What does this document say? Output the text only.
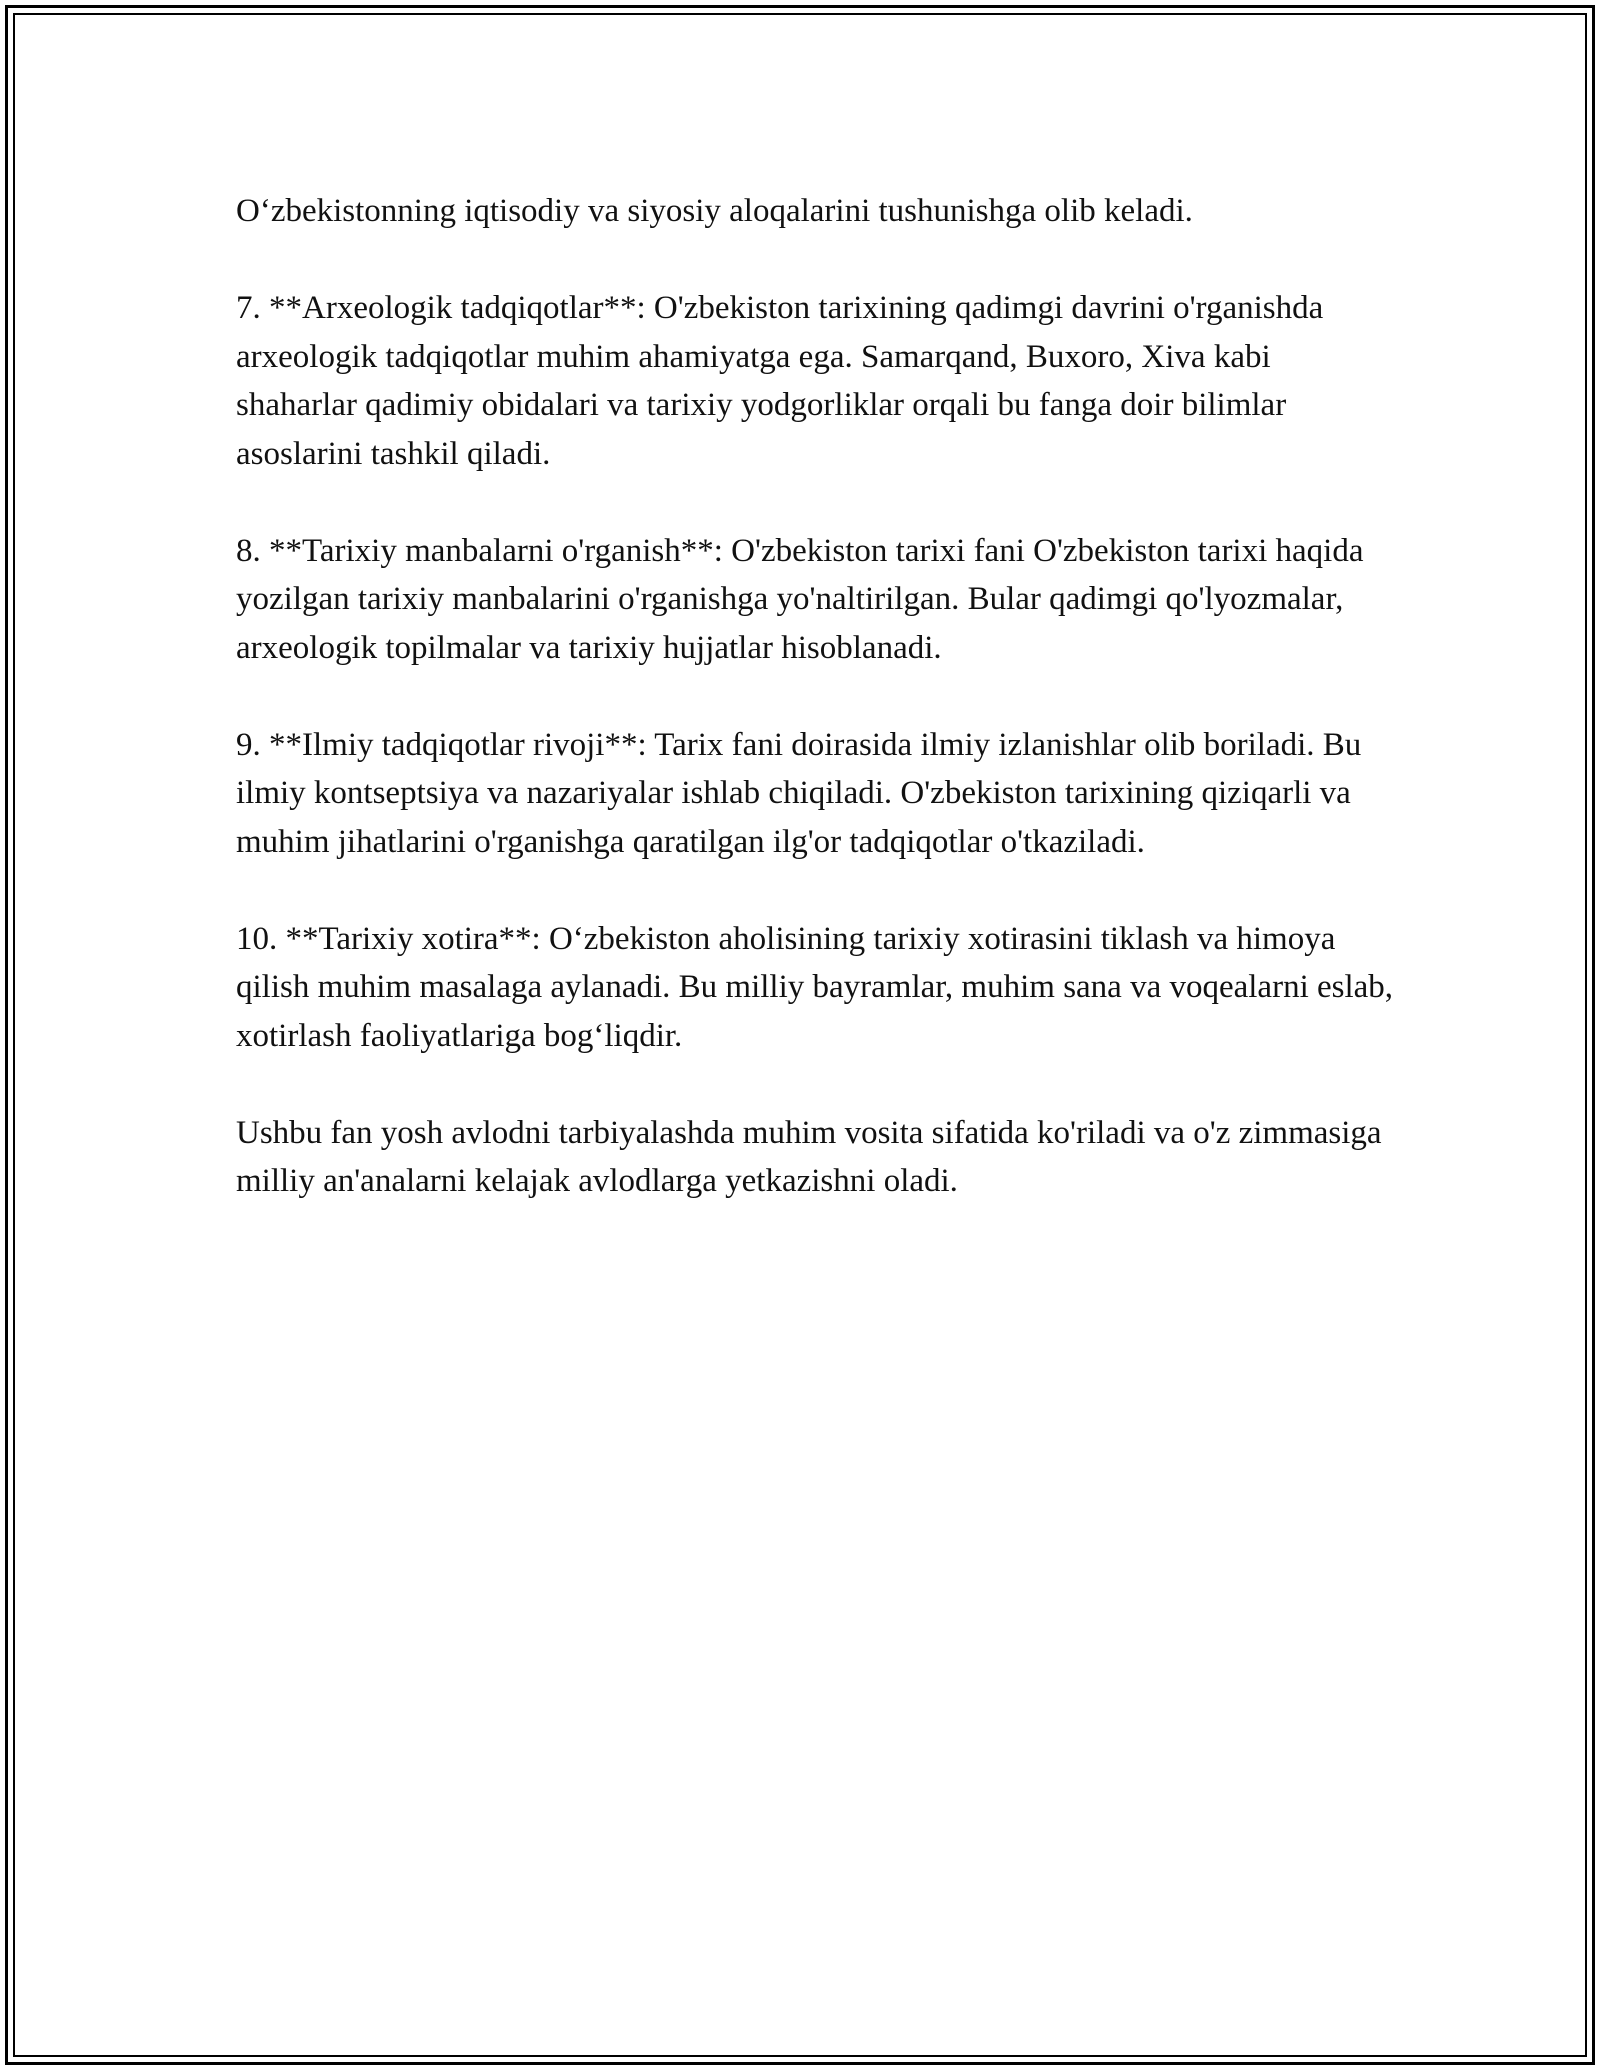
O‘zbekistonning iqtisodiy va siyosiy aloqalarini tushunishga olib keladi.

7. **Arxeologik tadqiqotlar**: O'zbekiston tarixining qadimgi davrini o'rganishda arxeologik tadqiqotlar muhim ahamiyatga ega. Samarqand, Buxoro, Xiva kabi shaharlar qadimiy obidalari va tarixiy yodgorliklar orqali bu fanga doir bilimlar asoslarini tashkil qiladi.

8. **Tarixiy manbalarni o'rganish**: O'zbekiston tarixi fani O'zbekiston tarixi haqida yozilgan tarixiy manbalarini o'rganishga yo'naltirilgan. Bular qadimgi qo'lyozmalar, arxeologik topilmalar va tarixiy hujjatlar hisoblanadi.

9. **Ilmiy tadqiqotlar rivoji**: Tarix fani doirasida ilmiy izlanishlar olib boriladi. Bu ilmiy kontseptsiya va nazariyalar ishlab chiqiladi. O'zbekiston tarixining qiziqarli va muhim jihatlarini o'rganishga qaratilgan ilg'or tadqiqotlar o'tkaziladi.

10. **Tarixiy xotira**: O‘zbekiston aholisining tarixiy xotirasini tiklash va himoya qilish muhim masalaga aylanadi. Bu milliy bayramlar, muhim sana va voqealarni eslab, xotirlash faoliyatlariga bog‘liqdir.

Ushbu fan yosh avlodni tarbiyalashda muhim vosita sifatida ko'riladi va o'z zimmasiga milliy an'analarni kelajak avlodlarga yetkazishni oladi.
